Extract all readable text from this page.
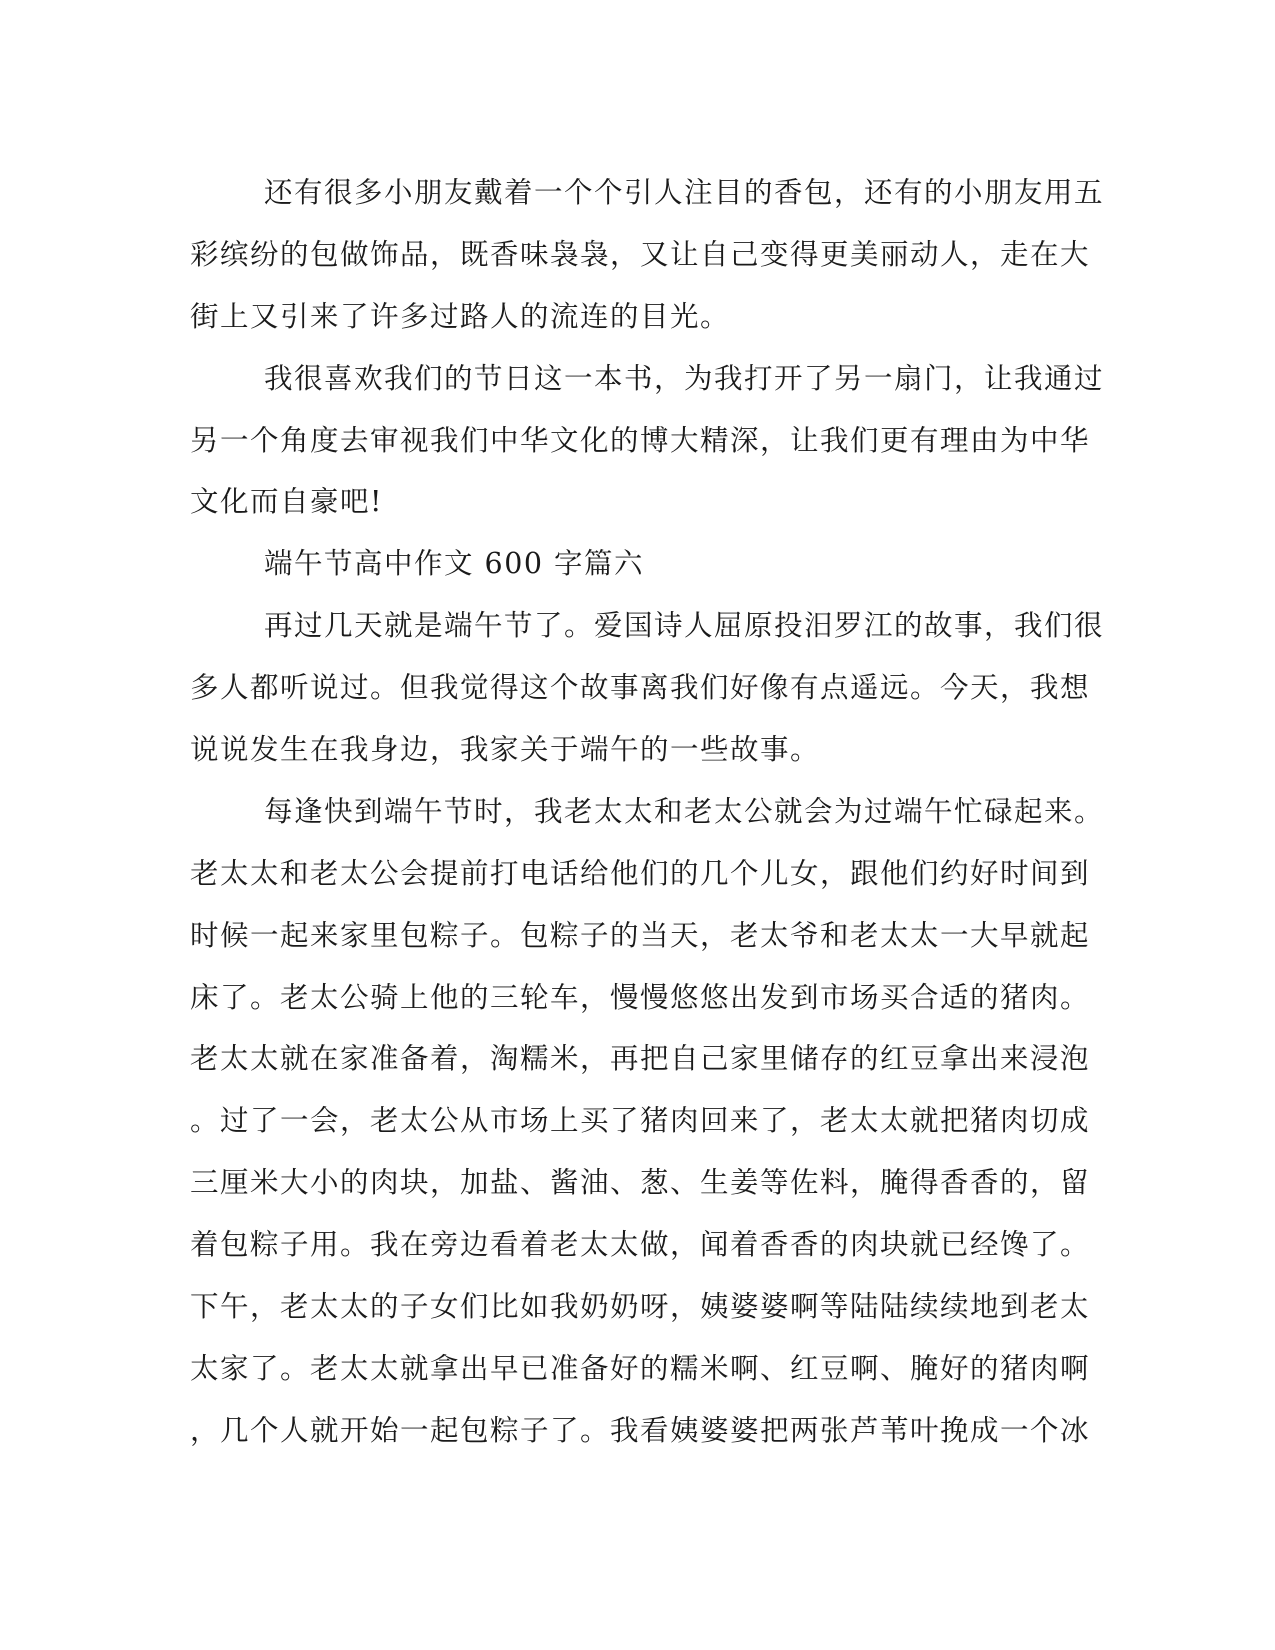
还有很多小朋友戴着一个个引人注目的香包，还有的小朋友用五
彩缤纷的包做饰品，既香味袅袅，又让自己变得更美丽动人，走在大
街上又引来了许多过路人的流连的目光。
我很喜欢我们的节日这一本书，为我打开了另一扇门，让我通过
另一个角度去审视我们中华文化的博大精深，让我们更有理由为中华
文化而自豪吧!
端午节高中作文 600 字篇六
再过几天就是端午节了。爱国诗人屈原投汨罗江的故事，我们很
多人都听说过。但我觉得这个故事离我们好像有点遥远。今天，我想
说说发生在我身边，我家关于端午的一些故事。
每逢快到端午节时，我老太太和老太公就会为过端午忙碌起来。
老太太和老太公会提前打电话给他们的几个儿女，跟他们约好时间到
时候一起来家里包粽子。包粽子的当天，老太爷和老太太一大早就起
床了。老太公骑上他的三轮车，慢慢悠悠出发到市场买合适的猪肉。
老太太就在家准备着，淘糯米，再把自己家里储存的红豆拿出来浸泡
。过了一会，老太公从市场上买了猪肉回来了，老太太就把猪肉切成
三厘米大小的肉块，加盐、酱油、葱、生姜等佐料，腌得香香的，留
着包粽子用。我在旁边看着老太太做，闻着香香的肉块就已经馋了。
下午，老太太的子女们比如我奶奶呀，姨婆婆啊等陆陆续续地到老太
太家了。老太太就拿出早已准备好的糯米啊、红豆啊、腌好的猪肉啊
，几个人就开始一起包粽子了。我看姨婆婆把两张芦苇叶挽成一个冰
